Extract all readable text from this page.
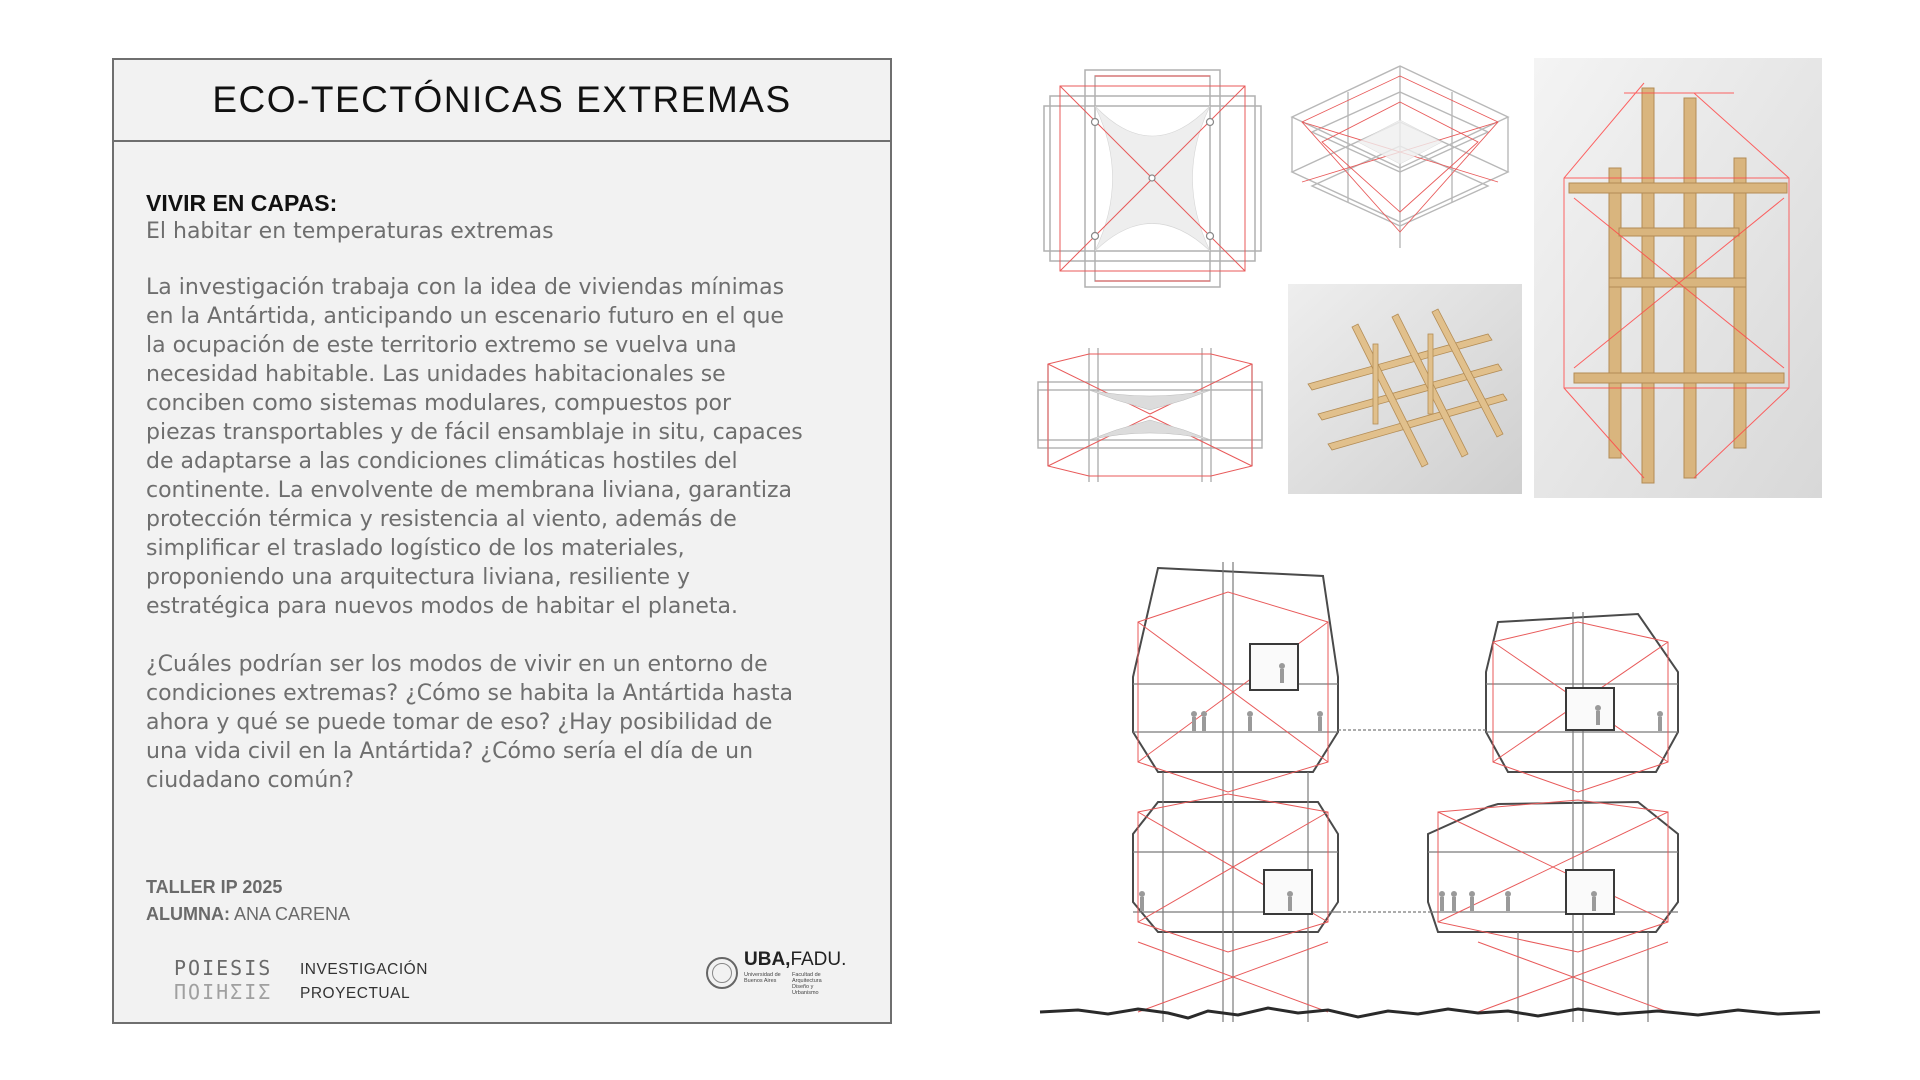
ECO-TECTÓNICAS EXTREMAS
VIVIR EN CAPAS:
El habitar en temperaturas extremas
La investigación trabaja con la idea de viviendas mínimas
en la Antártida, anticipando un escenario futuro en el que
la ocupación de este territorio extremo se vuelva una
necesidad habitable. Las unidades habitacionales se
conciben como sistemas modulares, compuestos por
piezas transportables y de fácil ensamblaje in situ, capaces
de adaptarse a las condiciones climáticas hostiles del
continente. La envolvente de membrana liviana, garantiza
protección térmica y resistencia al viento, además de
simplificar el traslado logístico de los materiales,
proponiendo una arquitectura liviana, resiliente y
estratégica para nuevos modos de habitar el planeta.
¿Cuáles podrían ser los modos de vivir en un entorno de
condiciones extremas? ¿Cómo se habita la Antártida hasta
ahora y qué se puede tomar de eso? ¿Hay posibilidad de
una vida civil en la Antártida? ¿Cómo sería el día de un
ciudadano común?
TALLER IP 2025
ALUMNA: ANA CARENA
POIESIS
ΠΟΙΗΣΙΣ
INVESTIGACIÓN
PROYECTUAL
UBA,FADU.
Universidad de Buenos Aires
Facultad de Arquitectura Diseño y Urbanismo
